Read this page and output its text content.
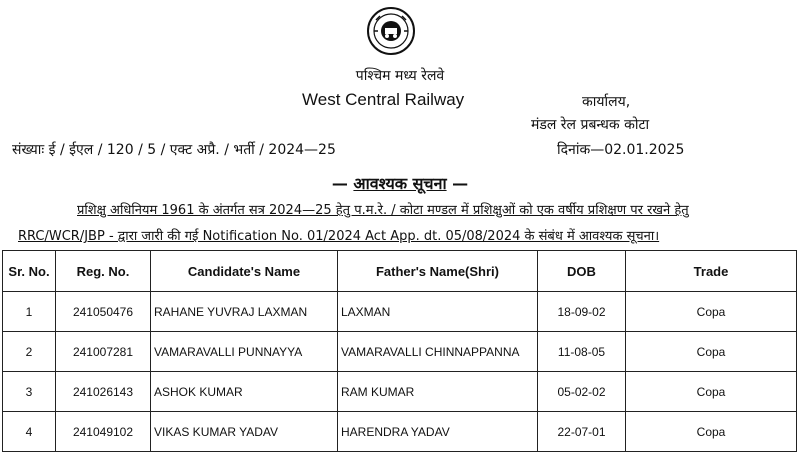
पश्चिम मध्य रेलवे
West Central Railway	कार्यालय,
मंडल रेल प्रबन्धक कोटा
संख्याः ई / ईएल / 120 / 5 / एक्ट अप्रै. / भर्ती / 2024—25	दिनांक—02.01.2025
— आवश्यक सूचना —
प्रशिक्षु अधिनियम 1961 के अंतर्गत सत्र 2024—25 हेतु प.म.रे. / कोटा मण्डल में प्रशिक्षुओं को एक वर्षीय प्रशिक्षण पर रखने हेतु
RRC/WCR/JBP - द्वारा जारी की गई Notification No. 01/2024 Act App. dt. 05/08/2024 के संबंध में आवश्यक सूचना।
Sr. No.	Reg. No.	Candidate's Name	Father's Name(Shri)	DOB	Trade
1	241050476	RAHANE YUVRAJ LAXMAN	LAXMAN	18-09-02	Copa
2	241007281	VAMARAVALLI PUNNAYYA	VAMARAVALLI CHINNAPPANNA	11-08-05	Copa
3	241026143	ASHOK KUMAR	RAM KUMAR	05-02-02	Copa
4	241049102	VIKAS KUMAR YADAV	HARENDRA YADAV	22-07-01	Copa
